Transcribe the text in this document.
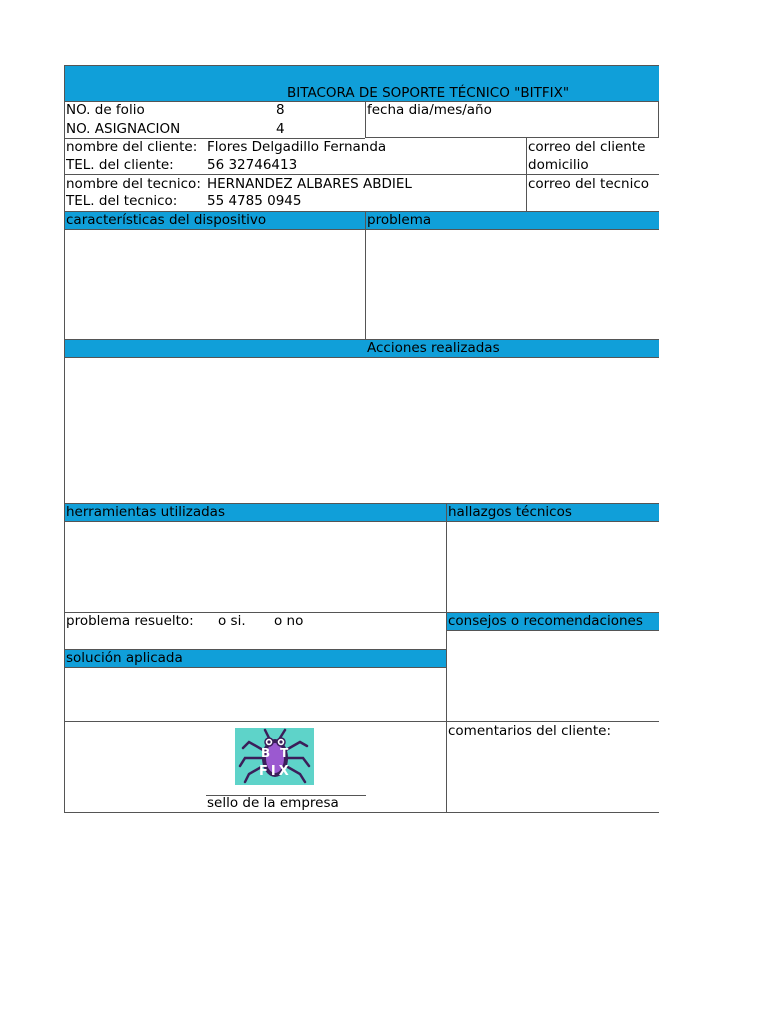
BITACORA DE SOPORTE TÉCNICO "BITFIX"
NO. de folio	8	fecha dia/mes/año
NO. ASIGNACION	4
nombre del cliente: Flores Delgadillo Fernanda	correo del cliente
TEL. del cliente: 56 32746413	domicilio
nombre del tecnico: HERNANDEZ ALBARES ABDIEL	correo del tecnico
TEL. del tecnico: 55 4785 0945
características del dispositivo	problema
Acciones realizadas
herramientas utilizadas	hallazgos técnicos
problema resuelto: o si. o no	consejos o recomendaciones
solución aplicada
comentarios del cliente:
BT
FIX
sello de la empresa
